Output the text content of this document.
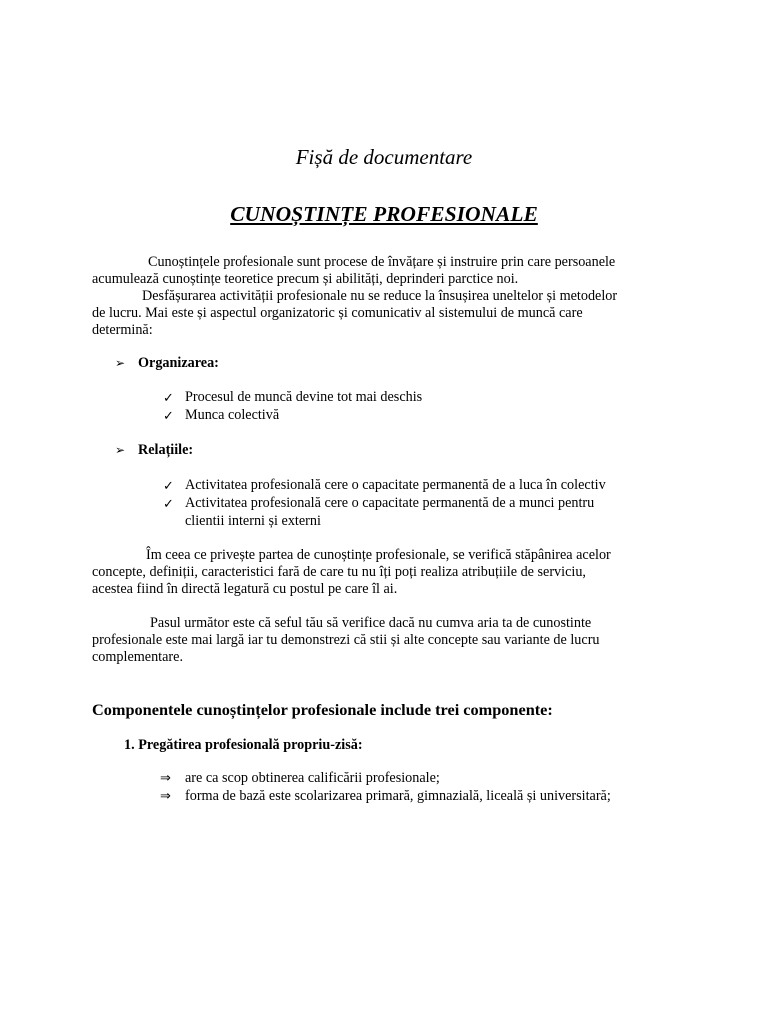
Fișă de documentare
CUNOȘTINȚE PROFESIONALE
Cunoștințele profesionale sunt procese de învățare și instruire prin care persoanele
acumulează cunoștințe teoretice precum și abilități, deprinderi parctice noi.
Desfășurarea activității profesionale nu se reduce la însușirea uneltelor și metodelor
de lucru. Mai este și aspectul organizatoric și comunicativ al sistemului de muncă care
determină:
➢ Organizarea:
✓ Procesul de muncă devine tot mai deschis
✓ Munca colectivă
➢ Relațiile:
✓ Activitatea profesională cere o capacitate permanentă de a luca în colectiv
✓ Activitatea profesională cere o capacitate permanentă de a munci pentru
clientii interni și externi
Îm ceea ce privește partea de cunoștințe profesionale, se verifică stăpânirea acelor
concepte, definiții, caracteristici fară de care tu nu îți poți realiza atribuțiile de serviciu,
acestea fiind în directă legatură cu postul pe care îl ai.
Pasul următor este că seful tău să verifice dacă nu cumva aria ta de cunostinte
profesionale este mai largă iar tu demonstrezi că stii și alte concepte sau variante de lucru
complementare.
Componentele cunoștințelor profesionale include trei componente:
1. Pregătirea profesională propriu-zisă:
⇒ are ca scop obtinerea calificării profesionale;
⇒ forma de bază este scolarizarea primară, gimnazială, liceală și universitară;
